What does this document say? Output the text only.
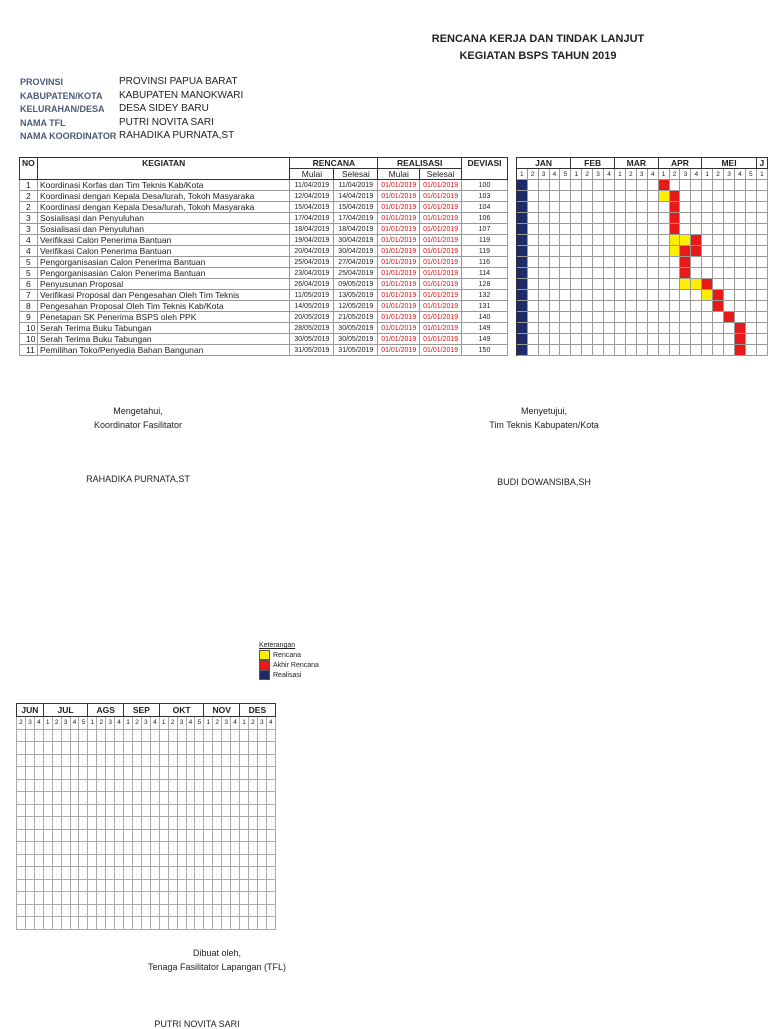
RENCANA KERJA DAN TINDAK LANJUT
KEGIATAN BSPS TAHUN 2019
PROVINSI	PROVINSI PAPUA BARAT
KABUPATEN/KOTA KABUPATEN MANOKWARI
KELURAHAN/DESA DESA SIDEY BARU
NAMA TFL	PUTRI NOVITA SARI
NAMA KOORDINATOR RAHADIKA PURNATA,ST
NO	KEGIATAN	RENCANA		REALISASI		DEVIASI		JAN					FEB				MAR				APR				MEI					J
		Mulai	Selesai	Mulai	Selesai			1	2	3	4	5	1	2	3	4	1	2	3	4	1	2	3	4	1	2	3	4	5	1
1	Koordinasi Korfas dan Tim Teknis Kab/Kota	11/04/2019	11/04/2019	01/01/2019	01/01/2019	100																								
2	Koordinasi dengan Kepala Desa/lurah, Tokoh Masyaraka	12/04/2019	14/04/2019	01/01/2019	01/01/2019	103																								
2	Koordinasi dengan Kepala Desa/lurah, Tokoh Masyaraka	15/04/2019	15/04/2019	01/01/2019	01/01/2019	104																								
3	Sosialisasi dan Penyuluhan	17/04/2019	17/04/2019	01/01/2019	01/01/2019	106																								
3	Sosialisasi dan Penyuluhan	18/04/2019	18/04/2019	01/01/2019	01/01/2019	107																								
4	Verifikasi Calon Penerima Bantuan	19/04/2019	30/04/2019	01/01/2019	01/01/2019	119																								
4	Verifikasi Calon Penerima Bantuan	20/04/2019	30/04/2019	01/01/2019	01/01/2019	119																								
5	Pengorganisasian Calon Penerima Bantuan	25/04/2019	27/04/2019	01/01/2019	01/01/2019	116																								
5	Pengorganisasian Calon Penerima Bantuan	23/04/2019	25/04/2019	01/01/2019	01/01/2019	114																								
6	Penyusunan Proposal	26/04/2019	09/05/2019	01/01/2019	01/01/2019	128																								
7	Verifikasi Proposal dan Pengesahan Oleh Tim Teknis	11/05/2019	13/05/2019	01/01/2019	01/01/2019	132																								
8	Pengesahan Proposal Oleh Tim Teknis Kab/Kota	14/05/2019	12/05/2019	01/01/2019	01/01/2019	131																								
9	Penetapan SK Penerima BSPS oleh PPK	20/05/2019	21/05/2019	01/01/2019	01/01/2019	140																								
10	Serah Terima Buku Tabungan	28/05/2019	30/05/2019	01/01/2019	01/01/2019	149																								
10	Serah Terima Buku Tabungan	30/05/2019	30/05/2019	01/01/2019	01/01/2019	149																								
11	Pemilihan Toko/Penyedia Bahan Bangunan	31/05/2019	31/05/2019	01/01/2019	01/01/2019	150																								
Mengetahui,
Koordinator Fasilitator
RAHADIKA PURNATA,ST
Menyetujui,
Tim Teknis Kabupaten/Kota
BUDI DOWANSIBA,SH
Keterangan
Rencana
Akhir Rencana
Realisasi
JUN			JUL					AGS				SEP				OKT					NOV				DES			
2	3	4	1	2	3	4	5	1	2	3	4	1	2	3	4	1	2	3	4	5	1	2	3	4	1	2	3	4

Dibuat oleh,
Tenaga Fasilitator Lapangan (TFL)
PUTRI NOVITA SARI
